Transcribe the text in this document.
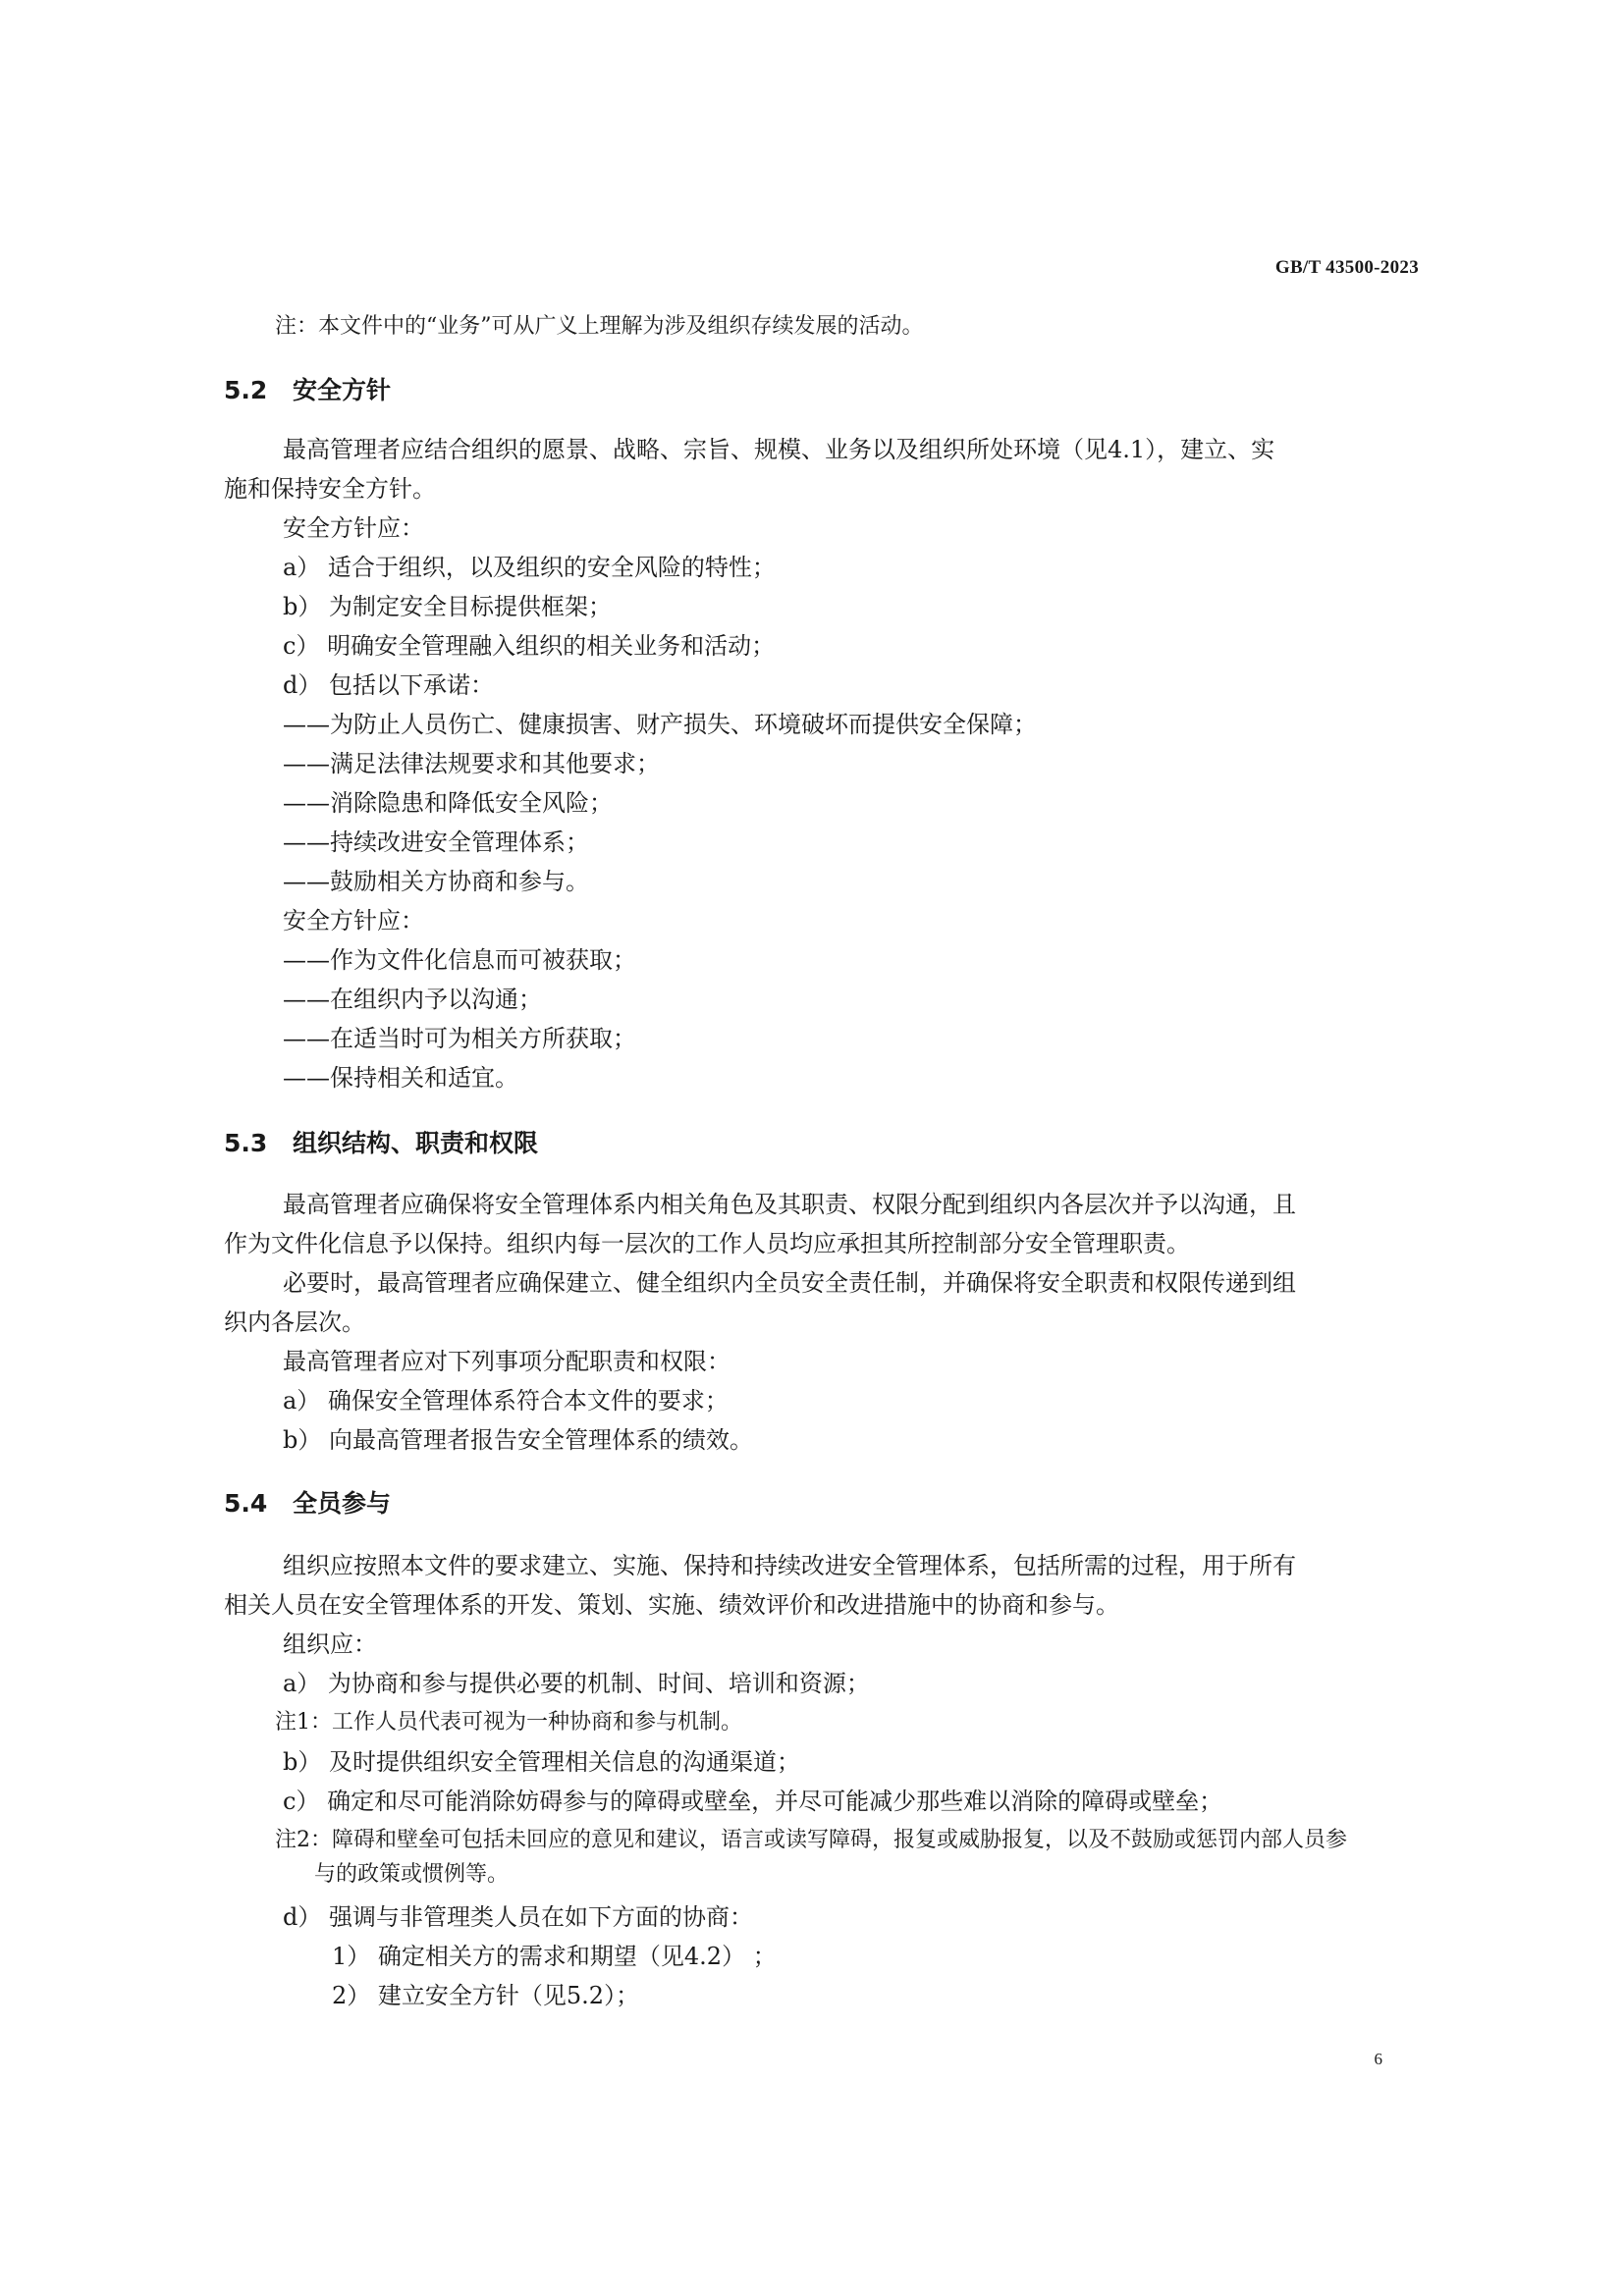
GB/T 43500-2023
注：本文件中的“业务”可从广义上理解为涉及组织存续发展的活动。
5.2 安全方针
最高管理者应结合组织的愿景、战略、宗旨、规模、业务以及组织所处环境（见4.1），建立、实
施和保持安全方针。
安全方针应：
a） 适合于组织，以及组织的安全风险的特性；
b） 为制定安全目标提供框架；
c） 明确安全管理融入组织的相关业务和活动；
d） 包括以下承诺：
——为防止人员伤亡、健康损害、财产损失、环境破坏而提供安全保障；
——满足法律法规要求和其他要求；
——消除隐患和降低安全风险；
——持续改进安全管理体系；
——鼓励相关方协商和参与。
安全方针应：
——作为文件化信息而可被获取；
——在组织内予以沟通；
——在适当时可为相关方所获取；
——保持相关和适宜。
5.3 组织结构、职责和权限
最高管理者应确保将安全管理体系内相关角色及其职责、权限分配到组织内各层次并予以沟通，且
作为文件化信息予以保持。组织内每一层次的工作人员均应承担其所控制部分安全管理职责。
必要时，最高管理者应确保建立、健全组织内全员安全责任制，并确保将安全职责和权限传递到组
织内各层次。
最高管理者应对下列事项分配职责和权限：
a） 确保安全管理体系符合本文件的要求；
b） 向最高管理者报告安全管理体系的绩效。
5.4 全员参与
组织应按照本文件的要求建立、实施、保持和持续改进安全管理体系，包括所需的过程，用于所有
相关人员在安全管理体系的开发、策划、实施、绩效评价和改进措施中的协商和参与。
组织应：
a） 为协商和参与提供必要的机制、时间、培训和资源；
注1：工作人员代表可视为一种协商和参与机制。
b） 及时提供组织安全管理相关信息的沟通渠道；
c） 确定和尽可能消除妨碍参与的障碍或壁垒，并尽可能减少那些难以消除的障碍或壁垒；
注2：障碍和壁垒可包括未回应的意见和建议，语言或读写障碍，报复或威胁报复，以及不鼓励或惩罚内部人员参
与的政策或惯例等。
d） 强调与非管理类人员在如下方面的协商：
1） 确定相关方的需求和期望（见4.2） ；
2） 建立安全方针（见5.2）；
6
